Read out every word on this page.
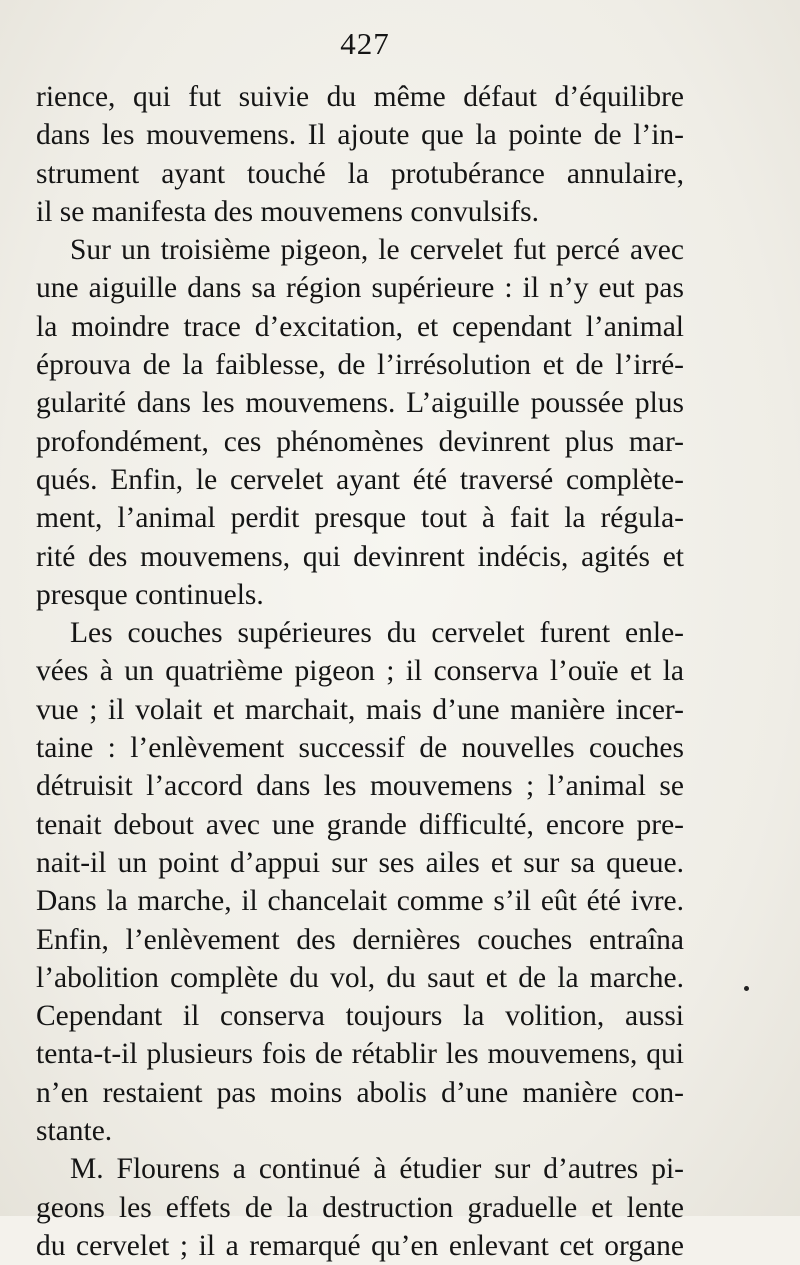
427
rience, qui fut suivie du même défaut d’équilibre
dans les mouvemens. Il ajoute que la pointe de l’in-
strument ayant touché la protubérance annulaire,
il se manifesta des mouvemens convulsifs.
Sur un troisième pigeon, le cervelet fut percé avec
une aiguille dans sa région supérieure : il n’y eut pas
la moindre trace d’excitation, et cependant l’animal
éprouva de la faiblesse, de l’irrésolution et de l’irré-
gularité dans les mouvemens. L’aiguille poussée plus
profondément, ces phénomènes devinrent plus mar-
qués. Enfin, le cervelet ayant été traversé complète-
ment, l’animal perdit presque tout à fait la régula-
rité des mouvemens, qui devinrent indécis, agités et
presque continuels.
Les couches supérieures du cervelet furent enle-
vées à un quatrième pigeon ; il conserva l’ouïe et la
vue ; il volait et marchait, mais d’une manière incer-
taine : l’enlèvement successif de nouvelles couches
détruisit l’accord dans les mouvemens ; l’animal se
tenait debout avec une grande difficulté, encore pre-
nait-il un point d’appui sur ses ailes et sur sa queue.
Dans la marche, il chancelait comme s’il eût été ivre.
Enfin, l’enlèvement des dernières couches entraîna
l’abolition complète du vol, du saut et de la marche.
Cependant il conserva toujours la volition, aussi
tenta-t-il plusieurs fois de rétablir les mouvemens, qui
n’en restaient pas moins abolis d’une manière con-
stante.
M. Flourens a continué à étudier sur d’autres pi-
geons les effets de la destruction graduelle et lente
du cervelet ; il a remarqué qu’en enlevant cet organe
